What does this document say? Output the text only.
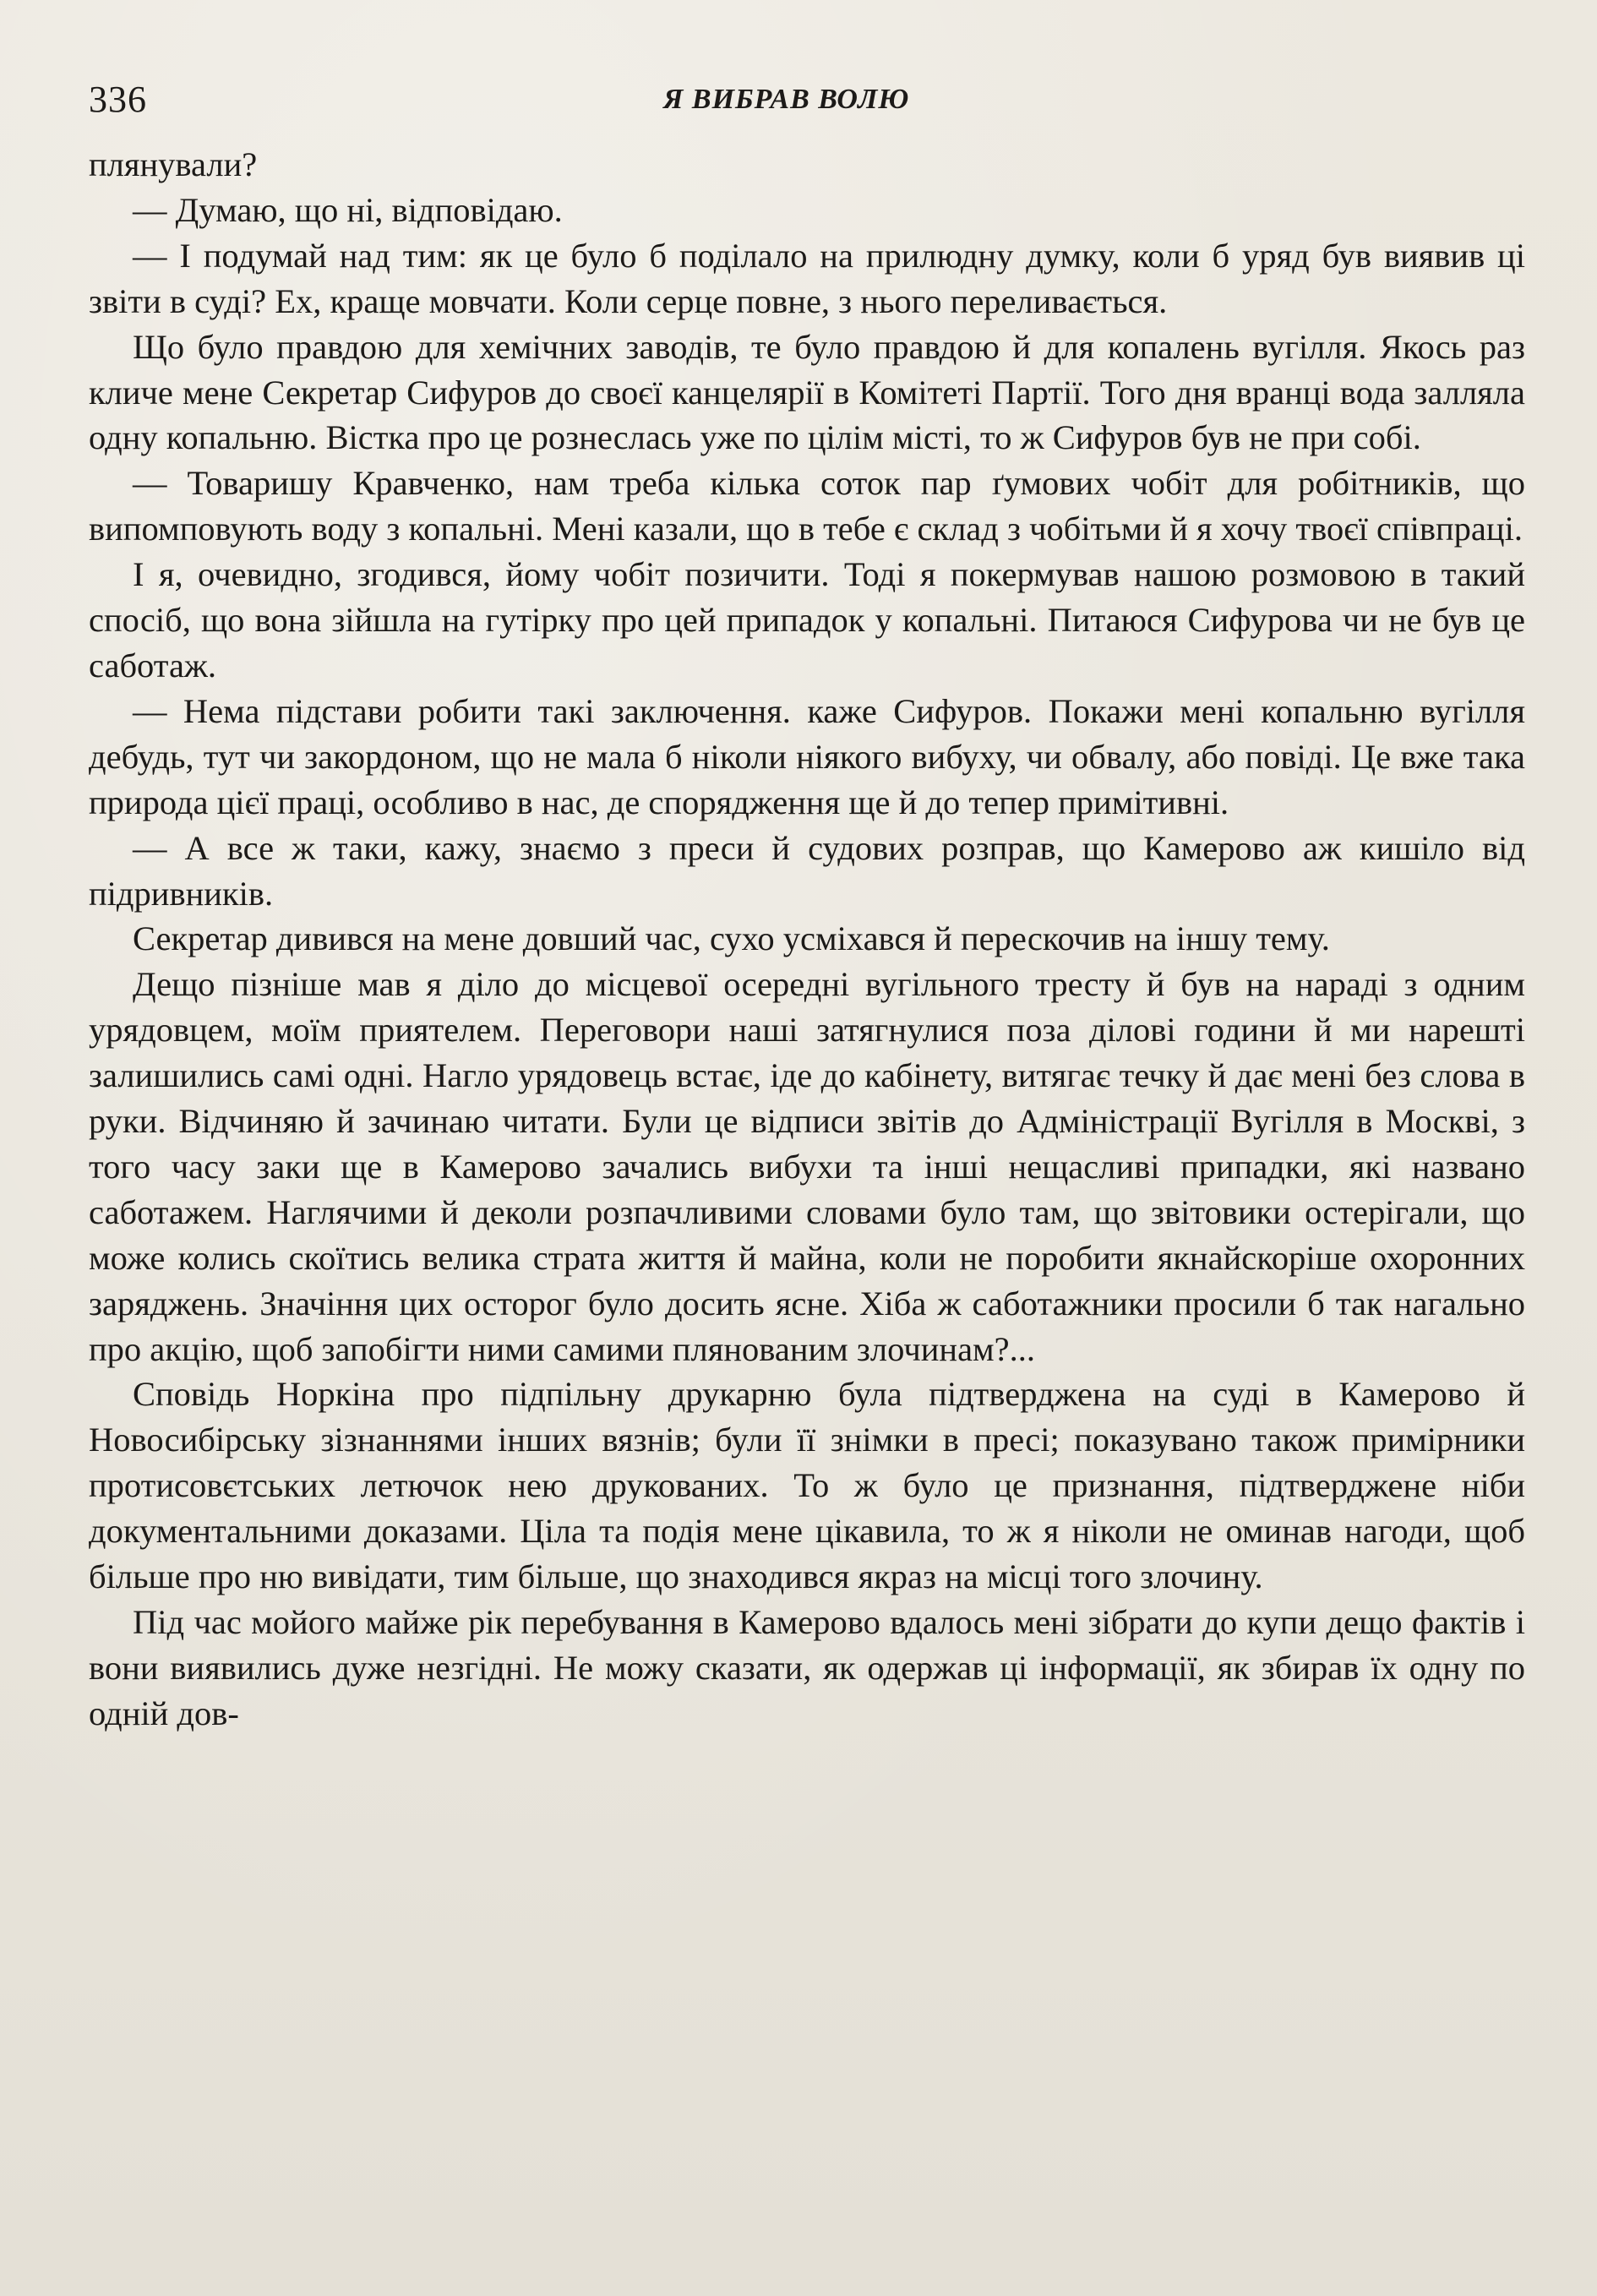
336	Я ВИБРАВ ВОЛЮ

плянували?

— Думаю, що ні, відповідаю.

— І подумай над тим: як це було б поділало на прилюдну думку, коли б уряд був виявив ці звіти в суді? Ех, краще мовчати. Коли серце повне, з нього переливається.

Що було правдою для хемічних заводів, те було правдою й для копалень вугілля. Якось раз кличе мене Секретар Сифуров до своєї канцелярії в Комітеті Партії. Того дня вранці вода залляла одну копальню. Вістка про це рознеслась уже по цілім місті, то ж Сифуров був не при собі.

— Товаришу Кравченко, нам треба кілька соток пар ґумових чобіт для робітників, що випомповують воду з копальні. Мені казали, що в тебе є склад з чобітьми й я хочу твоєї співпраці.

І я, очевидно, згодився, йому чобіт позичити. Тоді я покермував нашою розмовою в такий спосіб, що вона зійшла на гутірку про цей припадок у копальні. Питаюся Сифурова чи не був це саботаж.

— Нема підстави робити такі заключення. каже Сифуров. Покажи мені копальню вугілля дебудь, тут чи закордоном, що не мала б ніколи ніякого вибуху, чи обвалу, або повіді. Це вже така природа цієї праці, особливо в нас, де спорядження ще й до тепер примітивні.

— А все ж таки, кажу, знаємо з преси й судових розправ, що Камерово аж кишіло від підривників.

Секретар дивився на мене довший час, сухо усміхався й перескочив на іншу тему.

Дещо пізніше мав я діло до місцевої осередні вугільного тресту й був на нараді з одним урядовцем, моїм приятелем. Переговори наші затягнулися поза ділові години й ми нарешті залишились самі одні. Нагло урядовець встає, іде до кабінету, витягає течку й дає мені без слова в руки. Відчиняю й зачинаю читати. Були це відписи звітів до Адміністрації Вугілля в Москві, з того часу заки ще в Камерово зачались вибухи та інші нещасливі припадки, які названо саботажем. Наглячими й деколи розпачливими словами було там, що звітовики остерігали, що може колись скоїтись велика страта життя й майна, коли не поробити якнайскоріше охоронних заряджень. Значіння цих осторог було досить ясне. Хіба ж саботажники просили б так нагально про акцію, щоб запобігти ними самими плянованим злочинам?...

Сповідь Норкіна про підпільну друкарню була підтверджена на суді в Камерово й Новосибірську зізнаннями інших вязнів; були її знімки в пресі; показувано також примірники протисовєтських летючок нею друкованих. То ж було це признання, підтверджене ніби документальними доказами. Ціла та подія мене цікавила, то ж я ніколи не оминав нагоди, щоб більше про ню вивідати, тим більше, що знаходився якраз на місці того злочину.

Під час мойого майже рік перебування в Камерово вдалось мені зібрати до купи дещо фактів і вони виявились дуже незгідні. Не можу сказати, як одержав ці інформації, як збирав їх одну по одній дов-
